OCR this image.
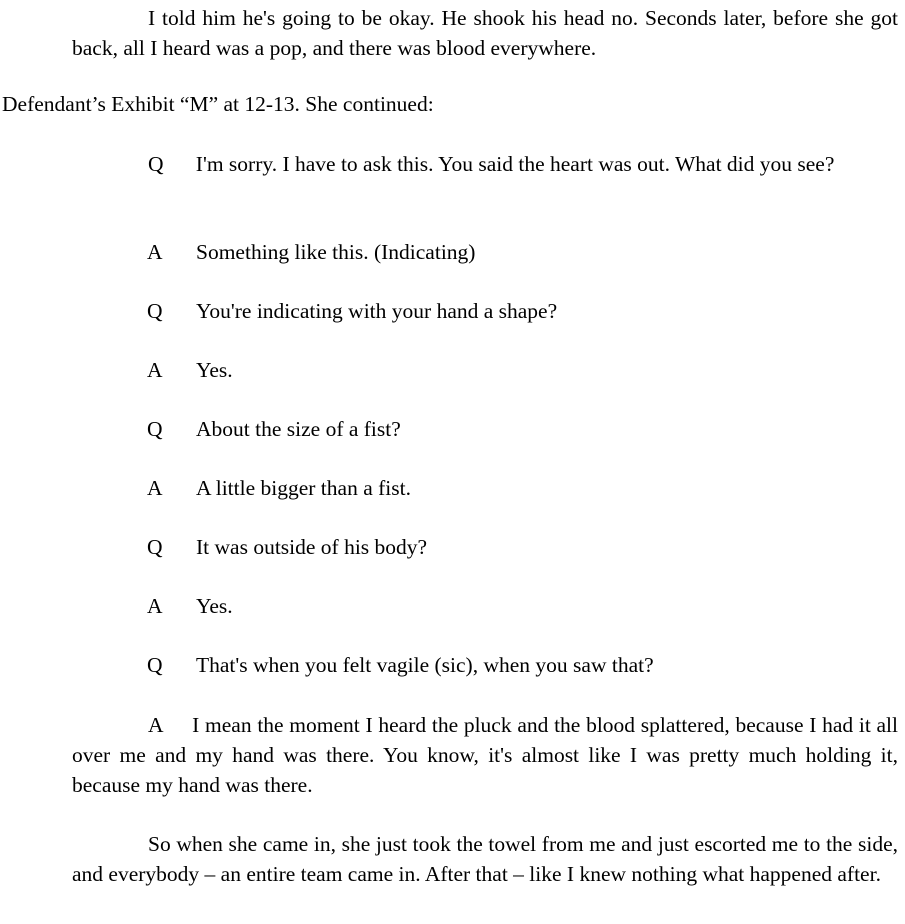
I told him he's going to be okay. He shook his head no. Seconds later, before she got back, all I heard was a pop, and there was blood everywhere.
Defendant’s Exhibit “M” at 12-13. She continued:
Q I'm sorry. I have to ask this. You said the heart was out. What did you see?
A Something like this. (Indicating)
Q You're indicating with your hand a shape?
A Yes.
Q About the size of a fist?
A A little bigger than a fist.
Q It was outside of his body?
A Yes.
Q That's when you felt vagile (sic), when you saw that?
A I mean the moment I heard the pluck and the blood splattered, because I had it all over me and my hand was there. You know, it's almost like I was pretty much holding it, because my hand was there.
So when she came in, she just took the towel from me and just escorted me to the side, and everybody – an entire team came in. After that – like I knew nothing what happened after.
